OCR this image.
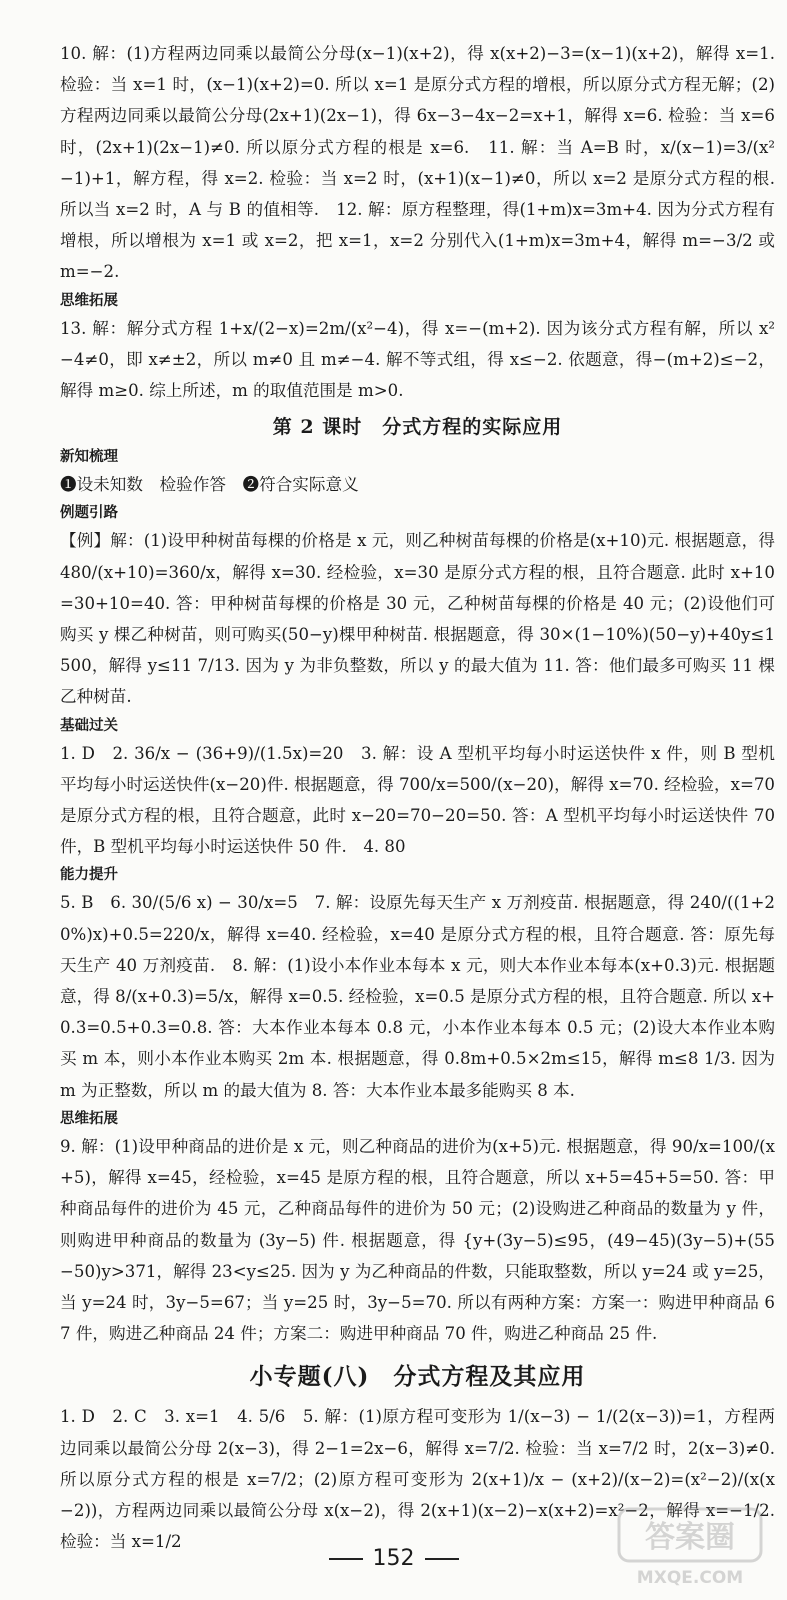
10. 解：(1)方程两边同乘以最简公分母(x−1)(x+2)，得 x(x+2)−3=(x−1)(x+2)，解得 x=1. 检验：当 x=1 时，(x−1)(x+2)=0. 所以 x=1 是原分式方程的增根，所以原分式方程无解；(2)方程两边同乘以最简公分母(2x+1)(2x−1)，得 6x−3−4x−2=x+1，解得 x=6. 检验：当 x=6 时，(2x+1)(2x−1)≠0. 所以原分式方程的根是 x=6.　11. 解：当 A=B 时，x/(x−1)=3/(x²−1)+1，解方程，得 x=2. 检验：当 x=2 时，(x+1)(x−1)≠0，所以 x=2 是原分式方程的根. 所以当 x=2 时，A 与 B 的值相等.　12. 解：原方程整理，得(1+m)x=3m+4. 因为分式方程有增根，所以增根为 x=1 或 x=2，把 x=1，x=2 分别代入(1+m)x=3m+4，解得 m=−3/2 或 m=−2.

思维拓展

13. 解：解分式方程 1+x/(2−x)=2m/(x²−4)，得 x=−(m+2). 因为该分式方程有解，所以 x²−4≠0，即 x≠±2，所以 m≠0 且 m≠−4. 解不等式组，得 x≤−2. 依题意，得−(m+2)≤−2，解得 m≥0. 综上所述，m 的取值范围是 m>0.

第 2 课时　分式方程的实际应用

新知梳理

❶设未知数　检验作答　❷符合实际意义

例题引路

【例】解：(1)设甲种树苗每棵的价格是 x 元，则乙种树苗每棵的价格是(x+10)元. 根据题意，得 480/(x+10)=360/x，解得 x=30. 经检验，x=30 是原分式方程的根，且符合题意. 此时 x+10=30+10=40. 答：甲种树苗每棵的价格是 30 元，乙种树苗每棵的价格是 40 元；(2)设他们可购买 y 棵乙种树苗，则可购买(50−y)棵甲种树苗. 根据题意，得 30×(1−10%)(50−y)+40y≤1 500，解得 y≤11 7/13. 因为 y 为非负整数，所以 y 的最大值为 11. 答：他们最多可购买 11 棵乙种树苗.

基础过关

1. D　2. 36/x − (36+9)/(1.5x)=20　3. 解：设 A 型机平均每小时运送快件 x 件，则 B 型机平均每小时运送快件(x−20)件. 根据题意，得 700/x=500/(x−20)，解得 x=70. 经检验，x=70 是原分式方程的根，且符合题意，此时 x−20=70−20=50. 答：A 型机平均每小时运送快件 70 件，B 型机平均每小时运送快件 50 件.　4. 80

能力提升

5. B　6. 30/(5/6 x) − 30/x=5　7. 解：设原先每天生产 x 万剂疫苗. 根据题意，得 240/((1+20%)x)+0.5=220/x，解得 x=40. 经检验，x=40 是原分式方程的根，且符合题意. 答：原先每天生产 40 万剂疫苗.　8. 解：(1)设小本作业本每本 x 元，则大本作业本每本(x+0.3)元. 根据题意，得 8/(x+0.3)=5/x，解得 x=0.5. 经检验，x=0.5 是原分式方程的根，且符合题意. 所以 x+0.3=0.5+0.3=0.8. 答：大本作业本每本 0.8 元，小本作业本每本 0.5 元；(2)设大本作业本购买 m 本，则小本作业本购买 2m 本. 根据题意，得 0.8m+0.5×2m≤15，解得 m≤8 1/3. 因为 m 为正整数，所以 m 的最大值为 8. 答：大本作业本最多能购买 8 本.

思维拓展

9. 解：(1)设甲种商品的进价是 x 元，则乙种商品的进价为(x+5)元. 根据题意，得 90/x=100/(x+5)，解得 x=45，经检验，x=45 是原方程的根，且符合题意，所以 x+5=45+5=50. 答：甲种商品每件的进价为 45 元，乙种商品每件的进价为 50 元；(2)设购进乙种商品的数量为 y 件，则购进甲种商品的数量为 (3y−5) 件. 根据题意，得 {y+(3y−5)≤95，(49−45)(3y−5)+(55−50)y>371，解得 23<y≤25. 因为 y 为乙种商品的件数，只能取整数，所以 y=24 或 y=25，当 y=24 时，3y−5=67；当 y=25 时，3y−5=70. 所以有两种方案：方案一：购进甲种商品 67 件，购进乙种商品 24 件；方案二：购进甲种商品 70 件，购进乙种商品 25 件.

小专题(八)　分式方程及其应用

1. D　2. C　3. x=1　4. 5/6　5. 解：(1)原方程可变形为 1/(x−3) − 1/(2(x−3))=1，方程两边同乘以最简公分母 2(x−3)，得 2−1=2x−6，解得 x=7/2. 检验：当 x=7/2 时，2(x−3)≠0. 所以原分式方程的根是 x=7/2；(2)原方程可变形为 2(x+1)/x − (x+2)/(x−2)=(x²−2)/(x(x−2))，方程两边同乘以最简公分母 x(x−2)，得 2(x+1)(x−2)−x(x+2)=x²−2，解得 x=−1/2. 检验：当 x=1/2

152
答案圈
MXQE.COM
